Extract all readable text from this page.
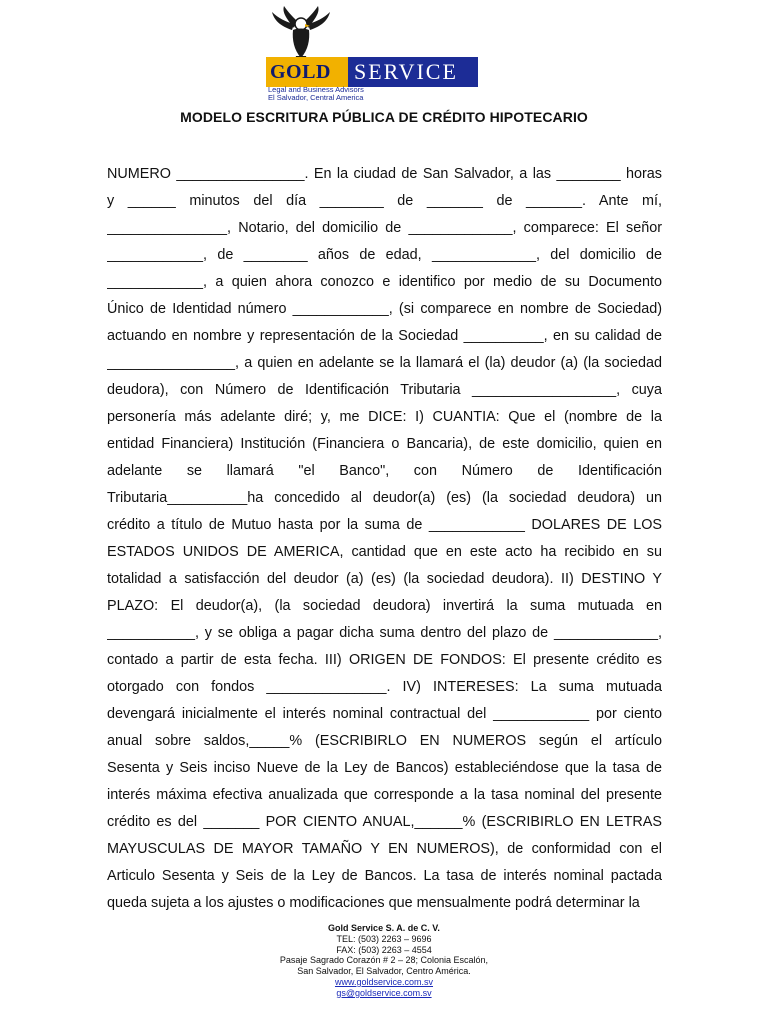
GOLD	SERVICE
Legal and Business Advisors
El Salvador, Central America
MODELO ESCRITURA PÚBLICA DE CRÉDITO HIPOTECARIO

NUMERO ________________. En la ciudad de San Salvador, a las ________ horas

y ______ minutos del día ________ de _______ de _______. Ante mí,

_______________, Notario, del domicilio de _____________, comparece: El señor

____________, de ________ años de edad, _____________, del domicilio de

____________, a quien ahora conozco e identifico por medio de su Documento

Único de Identidad número ____________, (si comparece en nombre de Sociedad)

actuando en nombre y representación de la Sociedad __________, en su calidad de

________________, a quien en adelante se la llamará el (la) deudor (a) (la sociedad

deudora), con Número de Identificación Tributaria __________________, cuya

personería más adelante diré; y, me DICE: I) CUANTIA: Que el (nombre de la

entidad Financiera) Institución (Financiera o Bancaria), de este domicilio, quien en

adelante se llamará "el Banco", con Número de Identificación

Tributaria__________ha concedido al deudor(a) (es) (la sociedad deudora) un

crédito a título de Mutuo hasta por la suma de ____________ DOLARES DE LOS

ESTADOS UNIDOS DE AMERICA, cantidad que en este acto ha recibido en su

totalidad a satisfacción del deudor (a) (es) (la sociedad deudora). II) DESTINO Y

PLAZO: El deudor(a), (la sociedad deudora) invertirá la suma mutuada en

___________, y se obliga a pagar dicha suma dentro del plazo de _____________,

contado a partir de esta fecha. III) ORIGEN DE FONDOS: El presente crédito es

otorgado con fondos _______________. IV) INTERESES: La suma mutuada

devengará inicialmente el interés nominal contractual del ____________ por ciento

anual sobre saldos,_____% (ESCRIBIRLO EN NUMEROS según el artículo

Sesenta y Seis inciso Nueve de la Ley de Bancos) estableciéndose que la tasa de

interés máxima efectiva anualizada que corresponde a la tasa nominal del presente

crédito es del _______ POR CIENTO ANUAL,______% (ESCRIBIRLO EN LETRAS

MAYUSCULAS DE MAYOR TAMAÑO Y EN NUMEROS), de conformidad con el

Articulo Sesenta y Seis de la Ley de Bancos. La tasa de interés nominal pactada

queda sujeta a los ajustes o modificaciones que mensualmente podrá determinar la

Gold Service S. A. de C. V.
TEL: (503) 2263 – 9696
FAX: (503) 2263 – 4554
Pasaje Sagrado Corazón # 2 – 28; Colonia Escalón,
San Salvador, El Salvador, Centro América.
www.goldservice.com.sv
gs@goldservice.com.sv
